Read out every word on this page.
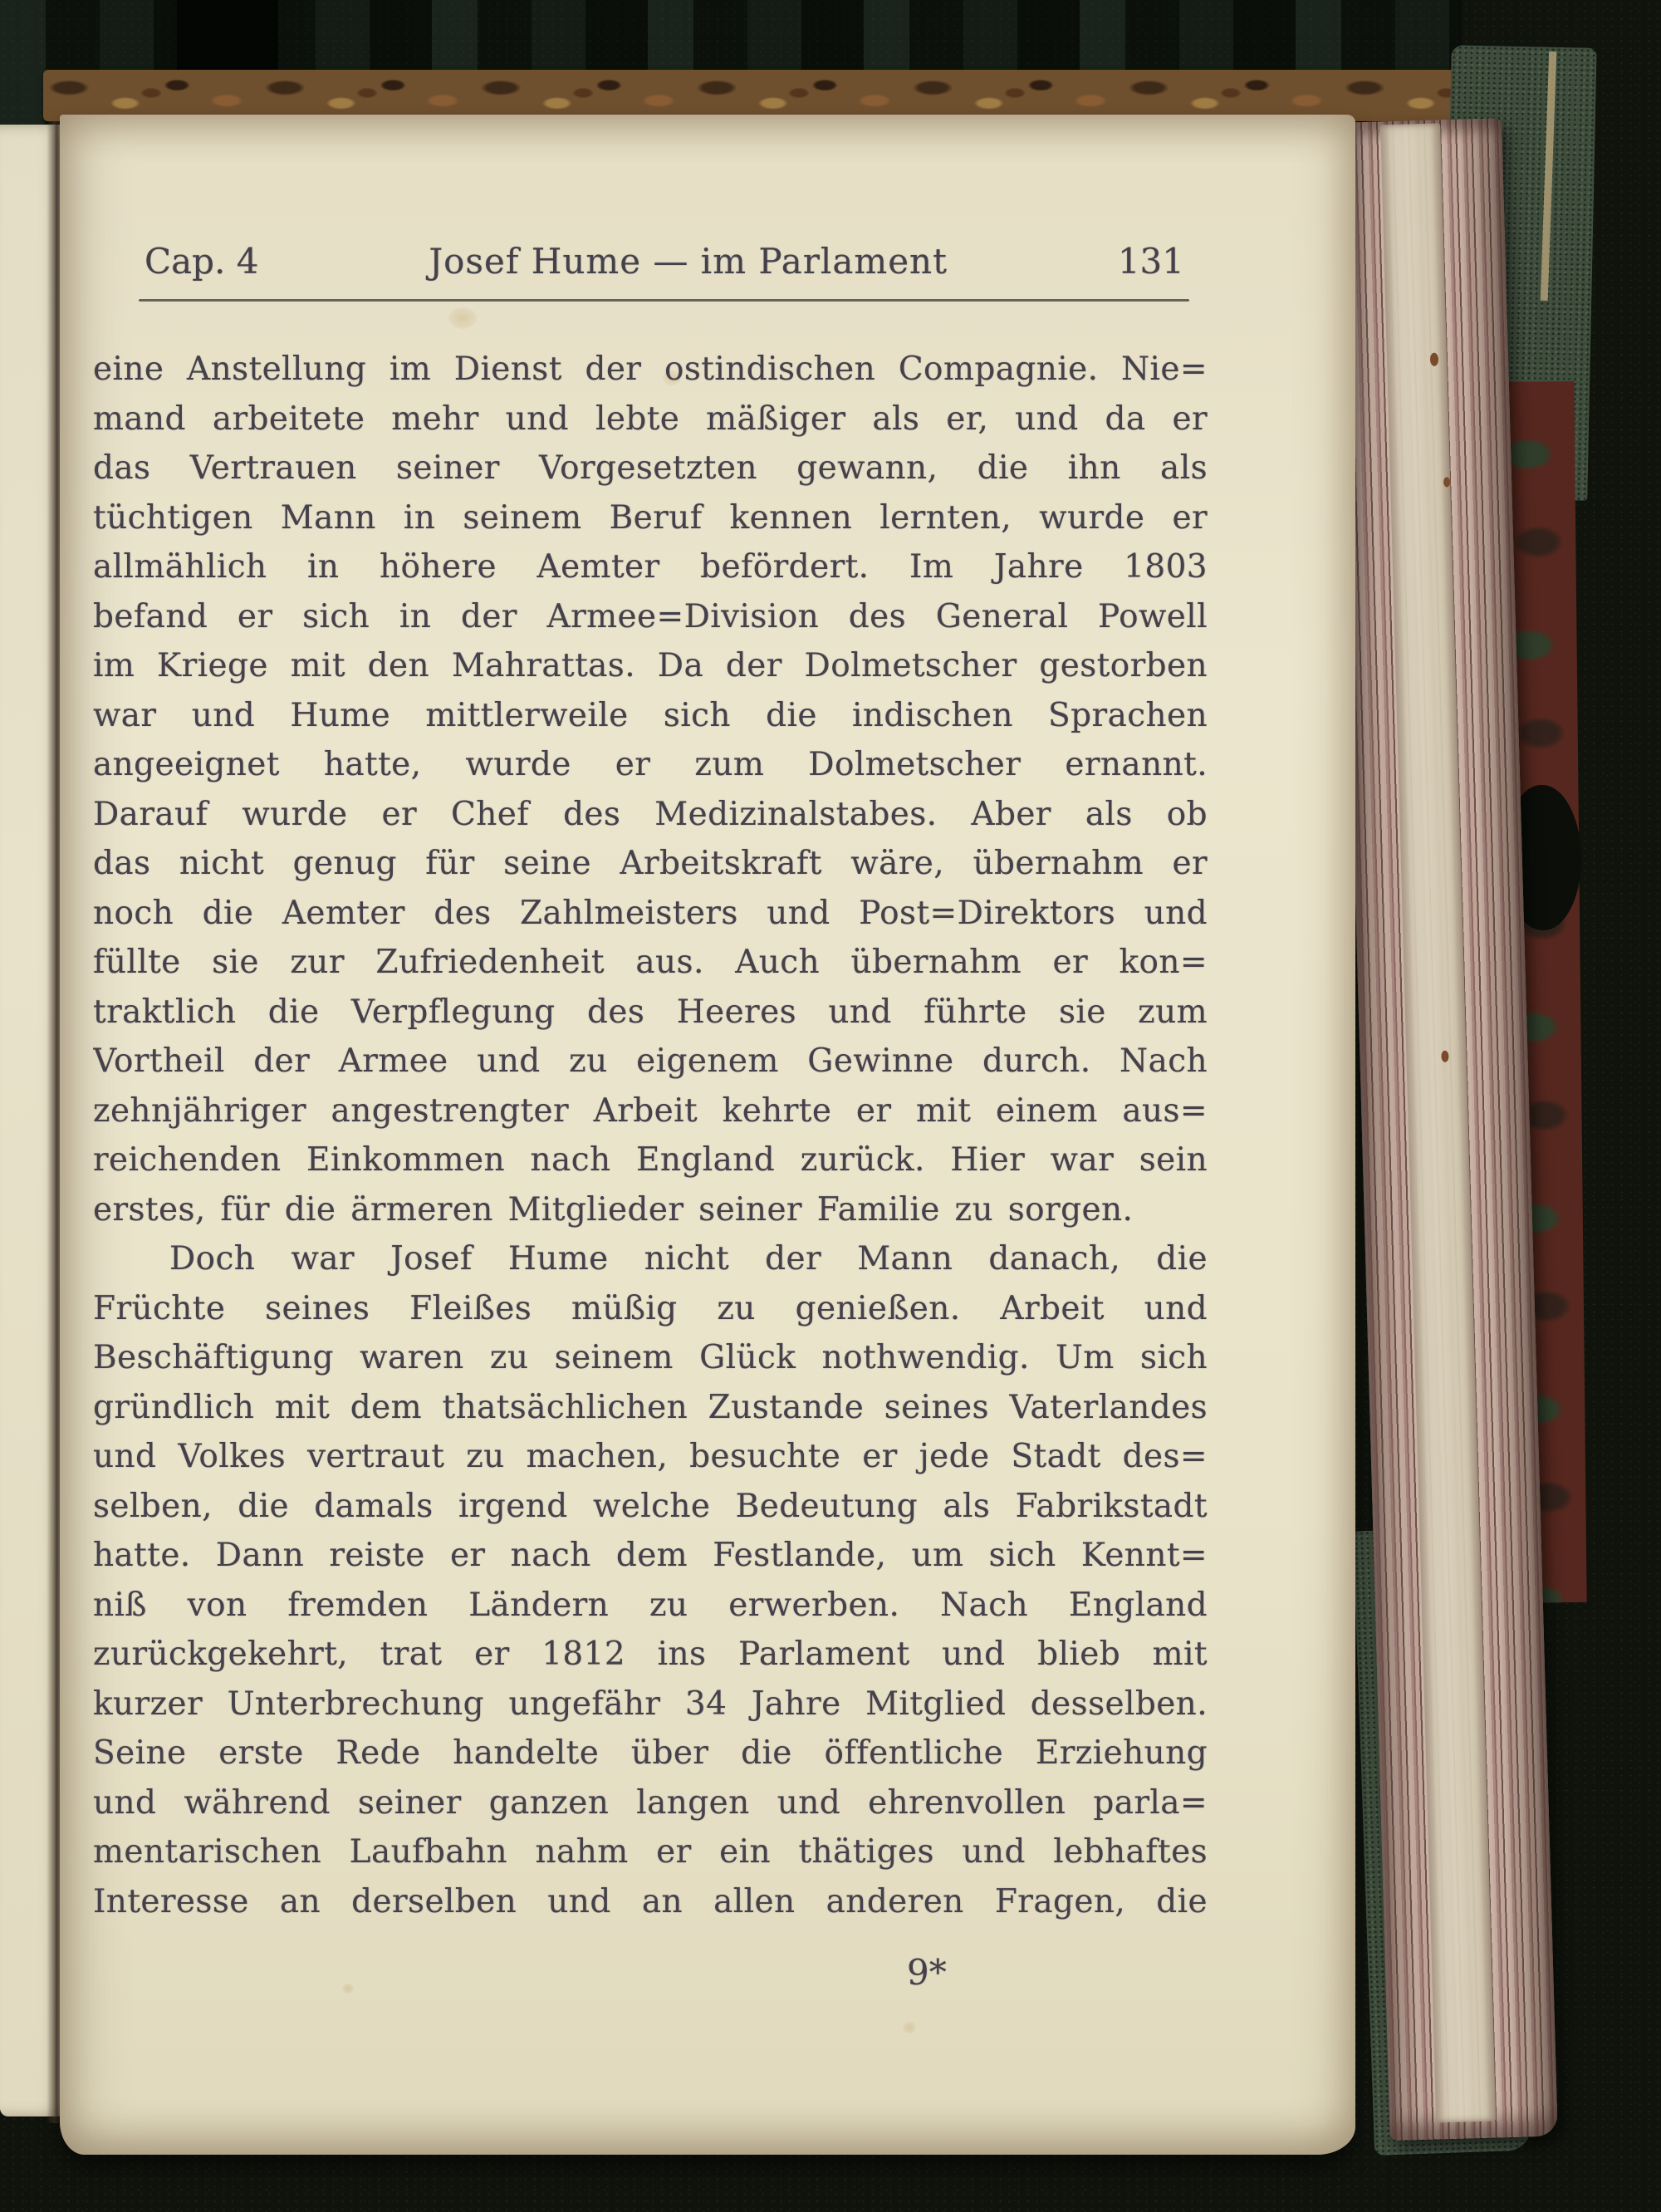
Cap. 4	Josef Hume — im Parlament	131
eine Anstellung im Dienst der ostindischen Compagnie. Nie=
mand arbeitete mehr und lebte mäßiger als er, und da er
das Vertrauen seiner Vorgesetzten gewann, die ihn als
tüchtigen Mann in seinem Beruf kennen lernten, wurde er
allmählich in höhere Aemter befördert. Im Jahre 1803
befand er sich in der Armee=Division des General Powell
im Kriege mit den Mahrattas. Da der Dolmetscher gestorben
war und Hume mittlerweile sich die indischen Sprachen
angeeignet hatte, wurde er zum Dolmetscher ernannt.
Darauf wurde er Chef des Medizinalstabes. Aber als ob
das nicht genug für seine Arbeitskraft wäre, übernahm er
noch die Aemter des Zahlmeisters und Post=Direktors und
füllte sie zur Zufriedenheit aus. Auch übernahm er kon=
traktlich die Verpflegung des Heeres und führte sie zum
Vortheil der Armee und zu eigenem Gewinne durch. Nach
zehnjähriger angestrengter Arbeit kehrte er mit einem aus=
reichenden Einkommen nach England zurück. Hier war sein
erstes, für die ärmeren Mitglieder seiner Familie zu sorgen.
Doch war Josef Hume nicht der Mann danach, die
Früchte seines Fleißes müßig zu genießen. Arbeit und
Beschäftigung waren zu seinem Glück nothwendig. Um sich
gründlich mit dem thatsächlichen Zustande seines Vaterlandes
und Volkes vertraut zu machen, besuchte er jede Stadt des=
selben, die damals irgend welche Bedeutung als Fabrikstadt
hatte. Dann reiste er nach dem Festlande, um sich Kennt=
niß von fremden Ländern zu erwerben. Nach England
zurückgekehrt, trat er 1812 ins Parlament und blieb mit
kurzer Unterbrechung ungefähr 34 Jahre Mitglied desselben.
Seine erste Rede handelte über die öffentliche Erziehung
und während seiner ganzen langen und ehrenvollen parla=
mentarischen Laufbahn nahm er ein thätiges und lebhaftes
Interesse an derselben und an allen anderen Fragen, die
9*
